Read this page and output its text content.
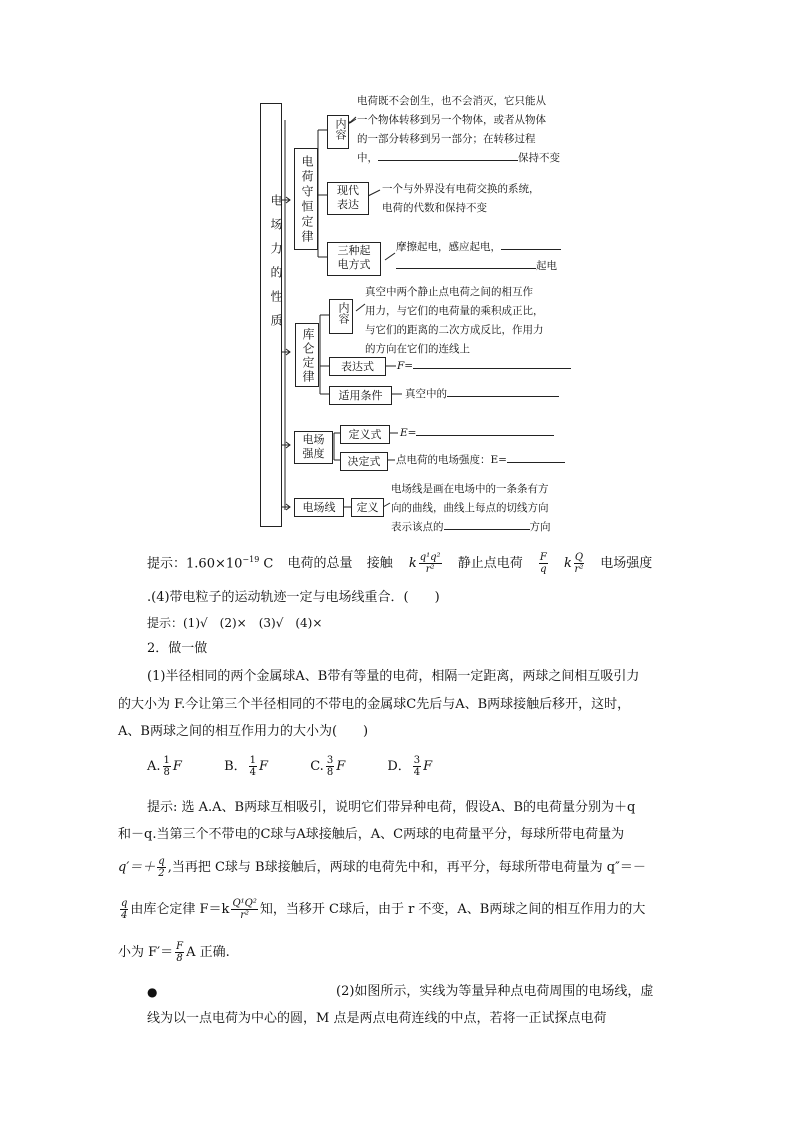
电场力的性质	电荷守恒定律
内容
电荷既不会创生，也不会消灭，它只能从
一个物体转移到另一个物体，或者从物体
的一部分转移到另一部分；在转移过程
中，	保持不变
现代表达
一个与外界没有电荷交换的系统，
电荷的代数和保持不变
三种起电方式
摩擦起电，感应起电，
起电
库仑定律
内容
真空中两个静止点电荷之间的相互作
用力，与它们的电荷量的乘积成正比，
与它们的距离的二次方成反比，作用力
的方向在它们的连线上
表达式	F=
适用条件	真空中的
电场强度
定义式	E=
决定式	点电荷的电场强度：E=
电场线	定义
电场线是画在电场中的一条条有方
向的曲线，曲线上每点的切线方向
表示该点的	方向
提示：$1.60\times 10^{-19}$ C 电荷的总量 接触 k $\frac{\text{q¹q²}}{\text{r²}}$ 静止点电荷 $\frac{F}{q}$ k $\frac{Q}{\text{r²}}$ 电场强度
.(4)带电粒子的运动轨迹一定与电场线重合．(　　)
提示：(1)√　(2)×　(3)√　(4)×
2．做一做
(1)半径相同的两个金属球A、B带有等量的电荷，相隔一定距离，两球之间相互吸引力
的大小为 F.今让第三个半径相同的不带电的金属球C先后与A、B两球接触后移开，这时，
A、B两球之间的相互作用力的大小为(　　)
A. $\frac{1}{8}$ F	B． $\frac{1}{4}$ F	C. $\frac{3}{8}$ F	D． $\frac{3}{4}$ F
提示: 选 A.A、B两球互相吸引，说明它们带异种电荷，假设A、B的电荷量分别为＋q
和－q.当第三个不带电的C球与A球接触后，A、C两球的电荷量平分，每球所带电荷量为
$q'=+ \frac{q}{2}$ ,当再把 C球与 B球接触后，两球的电荷先中和，再平分，每球所带电荷量为 q″＝－
$\frac{q}{4}$ 由库仑定律 $F=k \frac{\text{Q¹Q²}}{\text{r²}}$ 知，当移开 C球后，由于 r 不变，A、B两球之间的相互作用力的大
小为 $F'= \frac{F}{8}$ A 正确.
●	(2)如图所示，实线为等量异种点电荷周围的电场线，虚
线为以一点电荷为中心的圆，M 点是两点电荷连线的中点，若将一正试探点电荷
